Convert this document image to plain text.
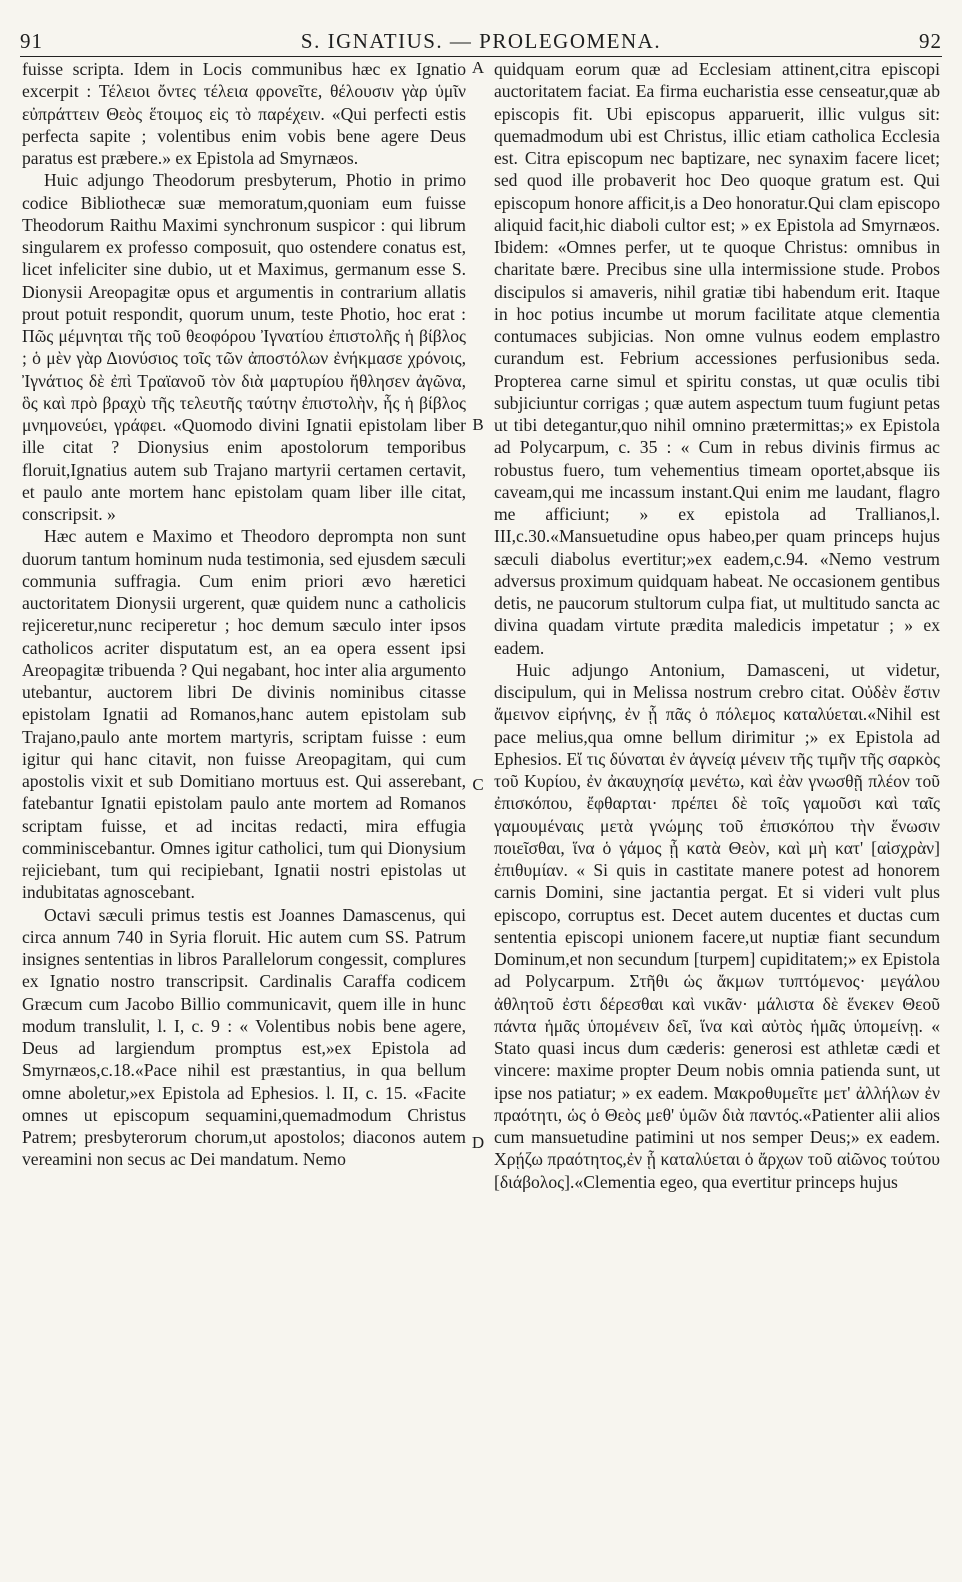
91	S. IGNATIUS. — PROLEGOMENA.	92

fuisse scripta. Idem in Locis communibus hæc ex Ignatio excerpit : Τέλειοι ὄντες τέλεια φρονεῖτε, θέλουσιν γὰρ ὑμῖν εὐπράττειν Θεὸς ἕτοιμος εἰς τὸ παρέχειν. «Qui perfecti estis perfecta sapite ; volentibus enim vobis bene agere Deus paratus est præbere.» ex Epistola ad Smyrnæos.

Huic adjungo Theodorum presbyterum, Photio in primo codice Bibliothecæ suæ memoratum,quoniam eum fuisse Theodorum Raithu Maximi synchronum suspicor : qui librum singularem ex professo composuit, quo ostendere conatus est, licet infeliciter sine dubio, ut et Maximus, germanum esse S. Dionysii Areopagitæ opus et argumentis in contrarium allatis prout potuit respondit, quorum unum, teste Photio, hoc erat : Πῶς μέμνηται τῆς τοῦ θεοφόρου Ἰγνατίου ἐπιστολῆς ἡ βίβλος ; ὁ μὲν γὰρ Διονύσιος τοῖς τῶν ἀποστόλων ἐνήκμασε χρόνοις, Ἰγνάτιος δὲ ἐπὶ Τραϊανοῦ τὸν διὰ μαρτυρίου ἤθλησεν ἀγῶνα, ὃς καὶ πρὸ βραχὺ τῆς τελευτῆς ταύτην ἐπιστολὴν, ἧς ἡ βίβλος μνημονεύει, γράφει. «Quomodo divini Ignatii epistolam liber ille citat ? Dionysius enim apostolorum temporibus floruit,Ignatius autem sub Trajano martyrii certamen certavit, et paulo ante mortem hanc epistolam quam liber ille citat, conscripsit. »

Hæc autem e Maximo et Theodoro deprompta non sunt duorum tantum hominum nuda testimonia, sed ejusdem sæculi communia suffragia. Cum enim priori ævo hæretici auctoritatem Dionysii urgerent, quæ quidem nunc a catholicis rejiceretur,nunc reciperetur ; hoc demum sæculo inter ipsos catholicos acriter disputatum est, an ea opera essent ipsi Areopagitæ tribuenda ? Qui negabant, hoc inter alia argumento utebantur, auctorem libri De divinis nominibus citasse epistolam Ignatii ad Romanos,hanc autem epistolam sub Trajano,paulo ante mortem martyris, scriptam fuisse : eum igitur qui hanc citavit, non fuisse Areopagitam, qui cum apostolis vixit et sub Domitiano mortuus est. Qui asserebant, fatebantur Ignatii epistolam paulo ante mortem ad Romanos scriptam fuisse, et ad incitas redacti, mira effugia comminiscebantur. Omnes igitur catholici, tum qui Dionysium rejiciebant, tum qui recipiebant, Ignatii nostri epistolas ut indubitatas agnoscebant.

Octavi sæculi primus testis est Joannes Damascenus, qui circa annum 740 in Syria floruit. Hic autem cum SS. Patrum insignes sententias in libros Parallelorum congessit, complures ex Ignatio nostro transcripsit. Cardinalis Caraffa codicem Græcum cum Jacobo Billio communicavit, quem ille in hunc modum translulit, l. I, c. 9 : « Volentibus nobis bene agere, Deus ad largiendum promptus est,»ex Epistola ad Smyrnæos,c.18.«Pace nihil est præstantius, in qua bellum omne aboletur,»ex Epistola ad Ephesios. l. II, c. 15. «Facite omnes ut episcopum sequamini,quemadmodum Christus Patrem; presbyterorum chorum,ut apostolos; diaconos autem vereamini non secus ac Dei mandatum. Nemo

A
B
C
D

quidquam eorum quæ ad Ecclesiam attinent,citra episcopi auctoritatem faciat. Ea firma eucharistia esse censeatur,quæ ab episcopis fit. Ubi episcopus apparuerit, illic vulgus sit: quemadmodum ubi est Christus, illic etiam catholica Ecclesia est. Citra episcopum nec baptizare, nec synaxim facere licet; sed quod ille probaverit hoc Deo quoque gratum est. Qui episcopum honore afficit,is a Deo honoratur.Qui clam episcopo aliquid facit,hic diaboli cultor est; » ex Epistola ad Smyrnæos. Ibidem: «Omnes perfer, ut te quoque Christus: omnibus in charitate bære. Precibus sine ulla intermissione stude. Probos discipulos si amaveris, nihil gratiæ tibi habendum erit. Itaque in hoc potius incumbe ut morum facilitate atque clementia contumaces subjicias. Non omne vulnus eodem emplastro curandum est. Febrium accessiones perfusionibus seda. Propterea carne simul et spiritu constas, ut quæ oculis tibi subjiciuntur corrigas ; quæ autem aspectum tuum fugiunt petas ut tibi detegantur,quo nihil omnino prætermittas;» ex Epistola ad Polycarpum, c. 35 : « Cum in rebus divinis firmus ac robustus fuero, tum vehementius timeam oportet,absque iis caveam,qui me incassum instant.Qui enim me laudant, flagro me afficiunt; » ex epistola ad Trallianos,l. III,c.30.«Mansuetudine opus habeo,per quam princeps hujus sæculi diabolus evertitur;»ex eadem,c.94. «Nemo vestrum adversus proximum quidquam habeat. Ne occasionem gentibus detis, ne paucorum stultorum culpa fiat, ut multitudo sancta ac divina quadam virtute prædita maledicis impetatur ; » ex eadem.

Huic adjungo Antonium, Damasceni, ut videtur, discipulum, qui in Melissa nostrum crebro citat. Οὐδὲν ἔστιν ἄμεινον εἰρήνης, ἐν ᾗ πᾶς ὁ πόλεμος καταλύεται.«Nihil est pace melius,qua omne bellum dirimitur ;» ex Epistola ad Ephesios. Εἴ τις δύναται ἐν ἁγνείᾳ μένειν τῆς τιμῆν τῆς σαρκὸς τοῦ Κυρίου, ἐν ἀκαυχησίᾳ μενέτω, καὶ ἐὰν γνωσθῇ πλέον τοῦ ἐπισκόπου, ἔφθαρται· πρέπει δὲ τοῖς γαμοῦσι καὶ ταῖς γαμουμέναις μετὰ γνώμης τοῦ ἐπισκόπου τὴν ἕνωσιν ποιεῖσθαι, ἵνα ὁ γάμος ᾖ κατὰ Θεὸν, καὶ μὴ κατ' [αἰσχρὰν] ἐπιθυμίαν. « Si quis in castitate manere potest ad honorem carnis Domini, sine jactantia pergat. Et si videri vult plus episcopo, corruptus est. Decet autem ducentes et ductas cum sententia episcopi unionem facere,ut nuptiæ fiant secundum Dominum,et non secundum [turpem] cupiditatem;» ex Epistola ad Polycarpum. Στῆθι ὡς ἄκμων τυπτόμενος· μεγάλου ἀθλητοῦ ἐστι δέρεσθαι καὶ νικᾶν· μάλιστα δὲ ἕνεκεν Θεοῦ πάντα ἡμᾶς ὑπομένειν δεῖ, ἵνα καὶ αὐτὸς ἡμᾶς ὑπομείνῃ. « Stato quasi incus dum cæderis: generosi est athletæ cædi et vincere: maxime propter Deum nobis omnia patienda sunt, ut ipse nos patiatur; » ex eadem. Μακροθυμεῖτε μετ' ἀλλήλων ἐν πραότητι, ὡς ὁ Θεὸς μεθ' ὑμῶν διὰ παντός.«Patienter alii alios cum mansuetudine patimini ut nos semper Deus;» ex eadem. Χρῄζω πραότητος,ἐν ᾗ καταλύεται ὁ ἄρχων τοῦ αἰῶνος τούτου [διάβολος].«Clementia egeo, qua evertitur princeps hujus
